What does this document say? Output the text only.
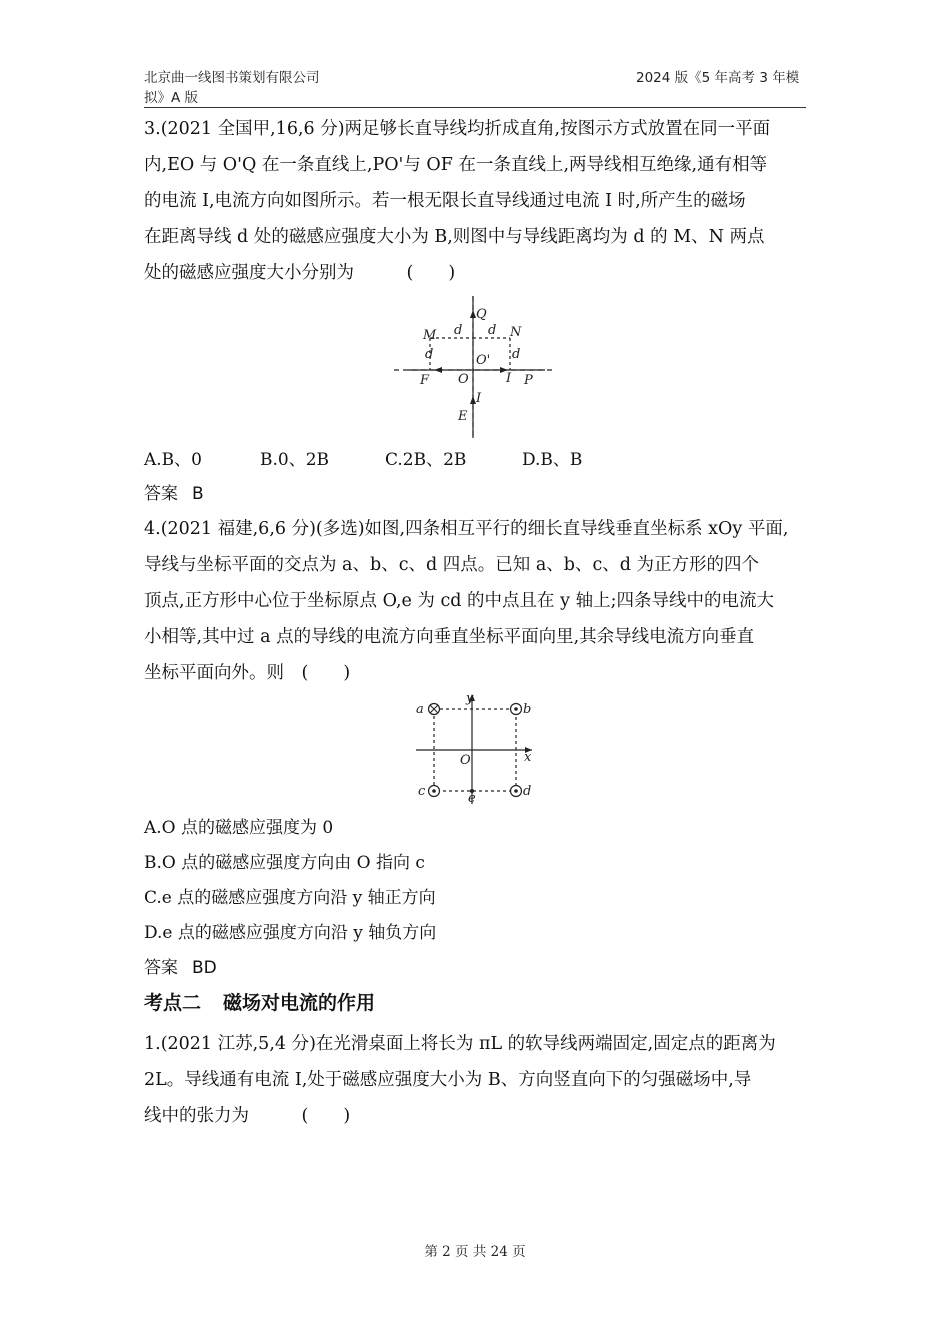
北京曲一线图书策划有限公司
拟》A 版
2024 版《5 年高考 3 年模
3.(2021 全国甲,16,6 分)两足够长直导线均折成直角,按图示方式放置在同一平面
内,EO 与 O'Q 在一条直线上,PO'与 OF 在一条直线上,两导线相互绝缘,通有相等
的电流 I,电流方向如图所示。若一根无限长直导线通过电流 I 时,所产生的磁场
在距离导线 d 处的磁感应强度大小为 B,则图中与导线距离均为 d 的 M、N 两点
处的磁感应强度大小分别为　　　(　　)
Q
N
M d d
d	d
O'
F O	I P
I
E
A.B、0	B.0、2B	C.2B、2B	D.B、B
答案 B
4.(2021 福建,6,6 分)(多选)如图,四条相互平行的细长直导线垂直坐标系 xOy 平面,
导线与坐标平面的交点为 a、b、c、d 四点。已知 a、b、c、d 为正方形的四个
顶点,正方形中心位于坐标原点 O,e 为 cd 的中点且在 y 轴上;四条导线中的电流大
小相等,其中过 a 点的导线的电流方向垂直坐标平面向里,其余导线电流方向垂直
坐标平面向外。则　(　　)
y
x
O
a	b
c	d
e
A.O 点的磁感应强度为 0
B.O 点的磁感应强度方向由 O 指向 c
C.e 点的磁感应强度方向沿 y 轴正方向
D.e 点的磁感应强度方向沿 y 轴负方向
答案 BD
考点二 磁场对电流的作用
1.(2021 江苏,5,4 分)在光滑桌面上将长为 πL 的软导线两端固定,固定点的距离为
2L。导线通有电流 I,处于磁感应强度大小为 B、方向竖直向下的匀强磁场中,导
线中的张力为　　　(　　)
第 2 页 共 24 页
